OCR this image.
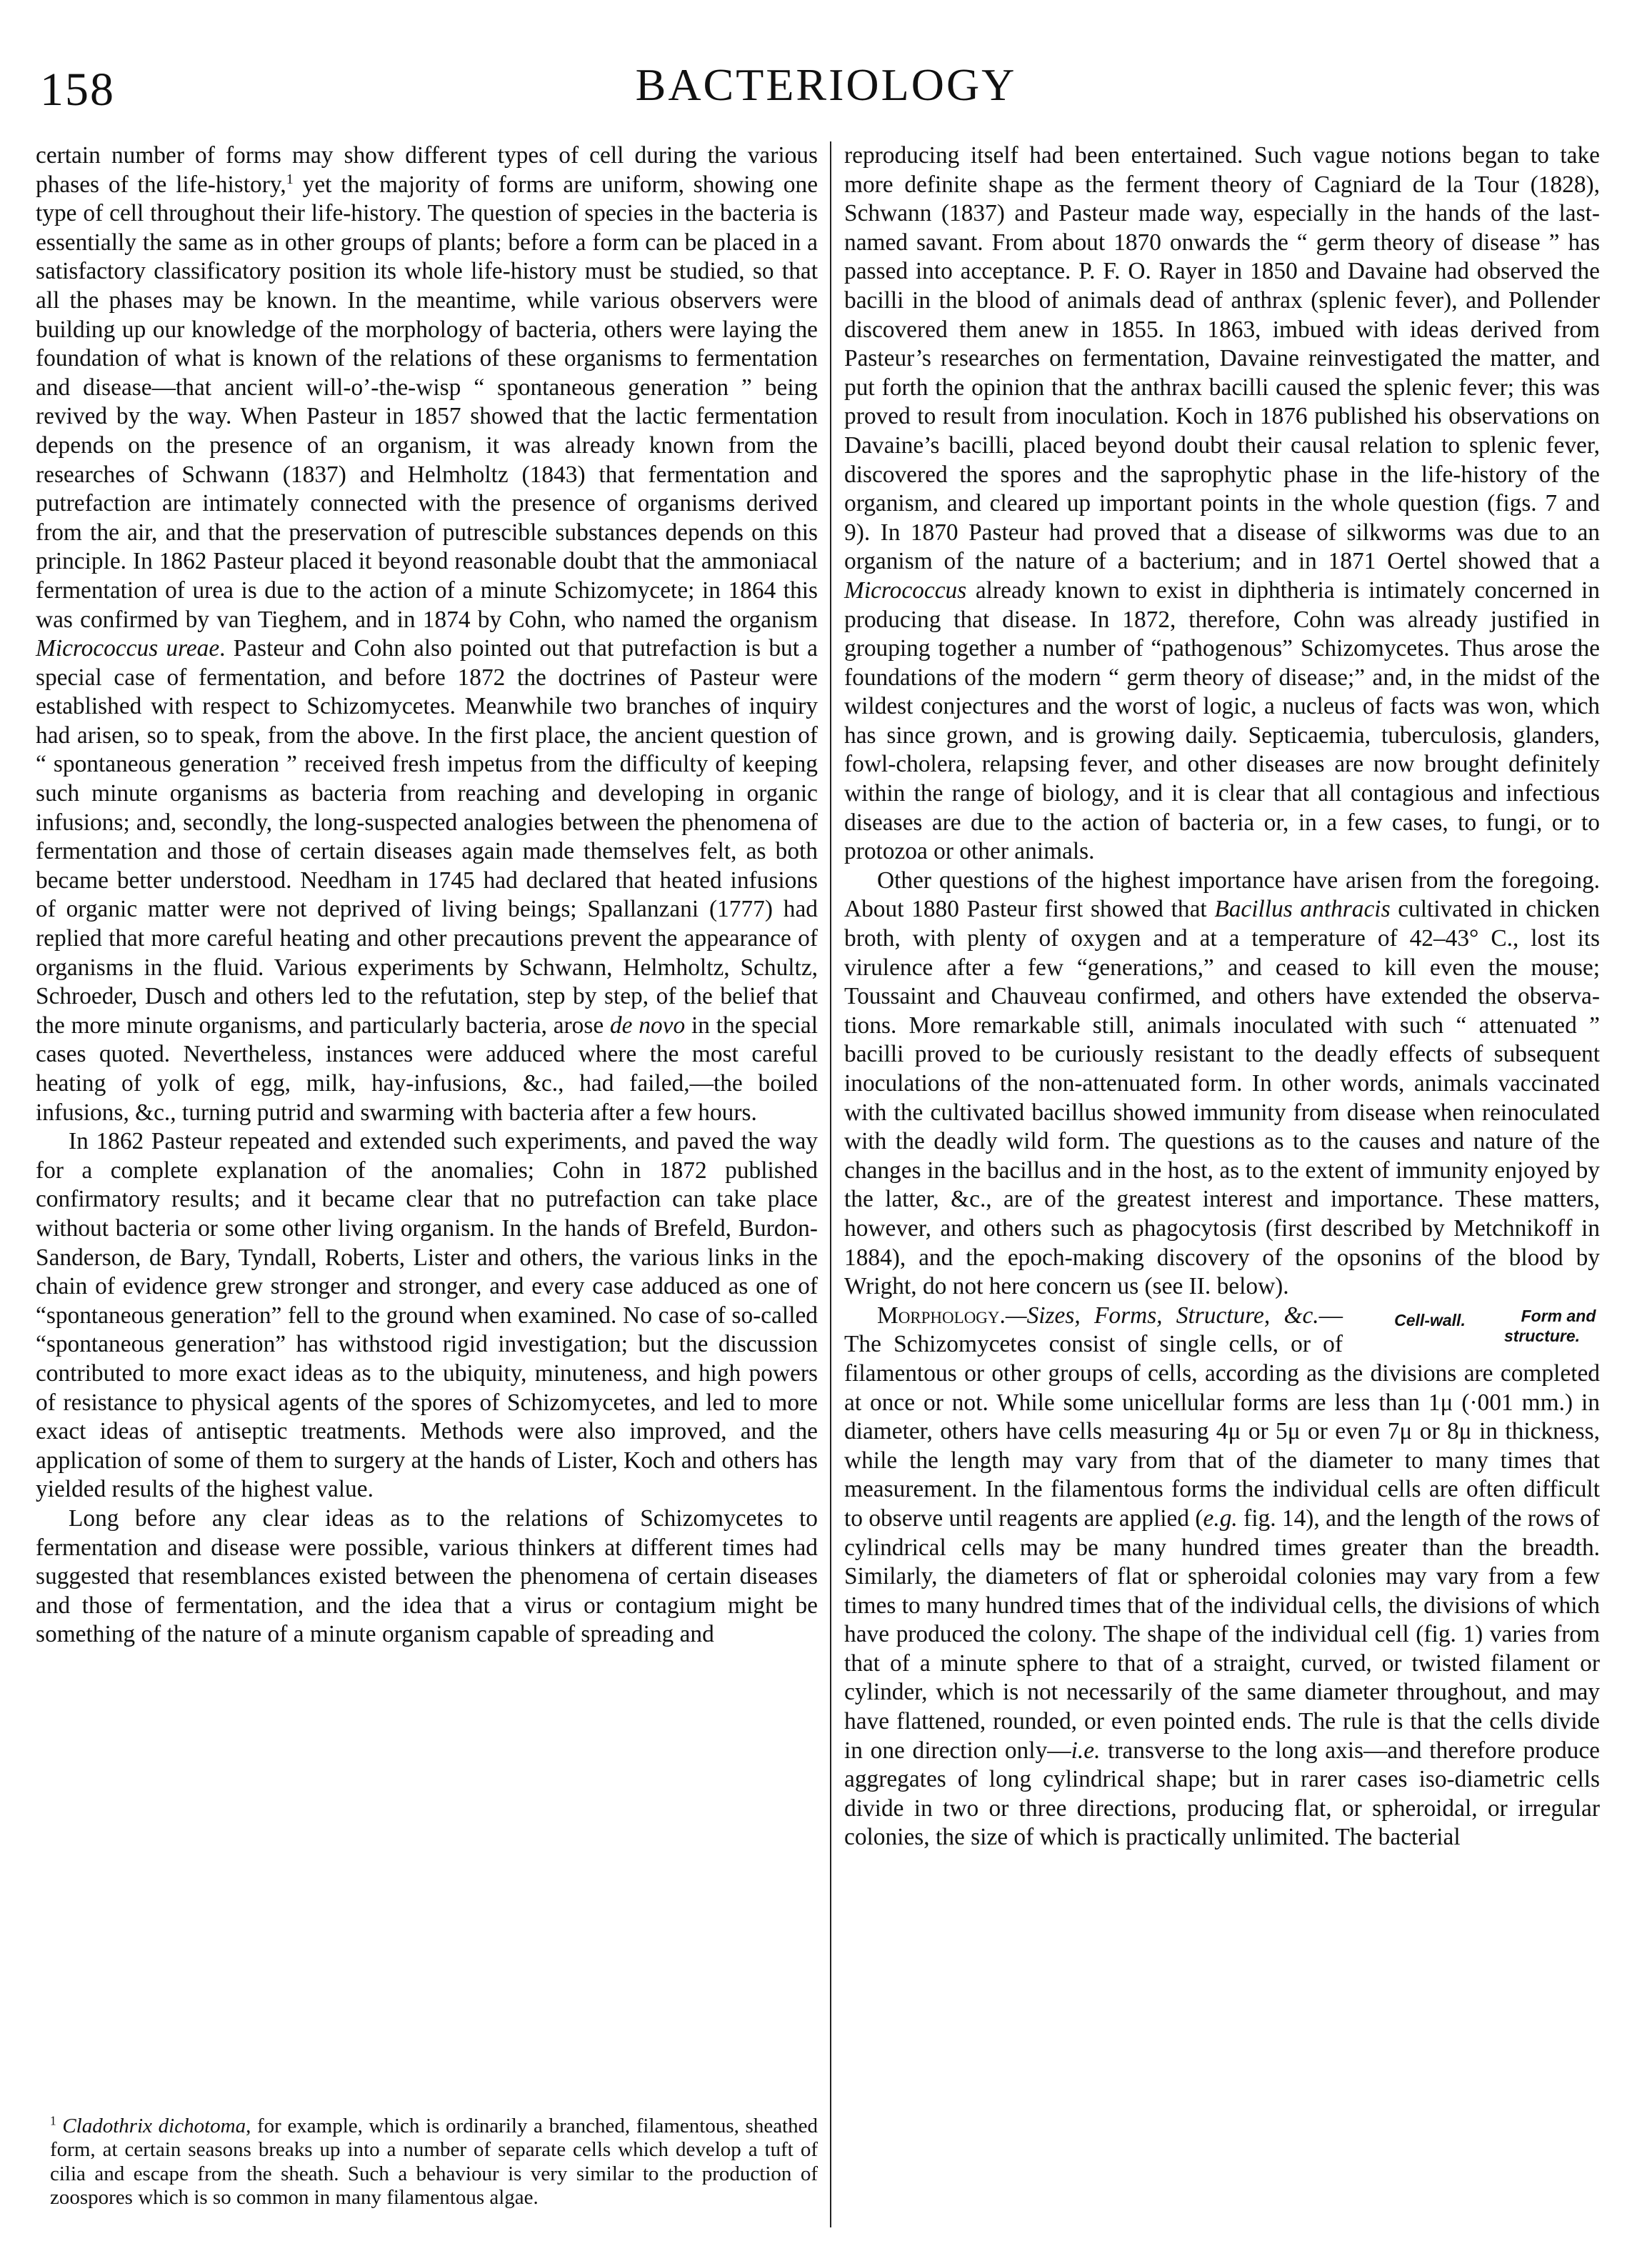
158	BACTERIOLOGY

certain number of forms may show different types of cell during the various phases of the life-history,$^1$ yet the majority of forms are uniform, showing one type of cell throughout their life-history. The question of species in the bacteria is essentially the same as in other groups of plants; before a form can be placed in a satisfactory classificatory position its whole life-history must be studied, so that all the phases may be known. In the meantime, while various observers were building up our knowledge of the morphology of bacteria, others were laying the foundation of what is known of the relations of these organisms to fermentation and disease—that ancient will-o’-the-wisp “ spontaneous generation ” being revived by the way. When Pasteur in 1857 showed that the lactic fermentation depends on the presence of an organism, it was already known from the researches of Schwann (1837) and Helmholtz (1843) that fermentation and putrefaction are intimately connected with the presence of organisms derived from the air, and that the preservation of putrescible substances depends on this principle. In 1862 Pasteur placed it beyond reasonable doubt that the ammoniacal fermentation of urea is due to the action of a minute Schizomycete; in 1864 this was confirmed by van Tieghem, and in 1874 by Cohn, who named the organism Micrococcus ureae. Pasteur and Cohn also pointed out that putrefaction is but a special case of fermentation, and before 1872 the doctrines of Pasteur were established with respect to Schizomycetes. Meanwhile two branches of inquiry had arisen, so to speak, from the above. In the first place, the ancient question of “ spontaneous generation ” received fresh impetus from the difficulty of keeping such minute organisms as bacteria from reaching and developing in organic infusions; and, secondly, the long-suspected analogies between the phenomena of fermentation and those of certain diseases again made themselves felt, as both became better understood. Needham in 1745 had declared that heated infusions of organic matter were not deprived of living beings; Spallanzani (1777) had replied that more careful heating and other precautions prevent the appearance of organisms in the fluid. Various experiments by Schwann, Helmholtz, Schultz, Schroeder, Dusch and others led to the refutation, step by step, of the belief that the more minute organisms, and particularly bacteria, arose de novo in the special cases quoted. Nevertheless, instances were adduced where the most careful heating of yolk of egg, milk, hay-infusions, &c., had failed,—the boiled infusions, &c., turning putrid and swarming with bacteria after a few hours.

In 1862 Pasteur repeated and extended such experiments, and paved the way for a complete explanation of the anomalies; Cohn in 1872 published confirmatory results; and it became clear that no putrefaction can take place without bacteria or some other living organism. In the hands of Brefeld, Burdon-Sanderson, de Bary, Tyndall, Roberts, Lister and others, the various links in the chain of evidence grew stronger and stronger, and every case adduced as one of “spontaneous generation” fell to the ground when examined. No case of so-called “spontaneous generation” has withstood rigid investigation; but the discussion contributed to more exact ideas as to the ubiquity, minuteness, and high powers of resistance to physical agents of the spores of Schizomycetes, and led to more exact ideas of antiseptic treatments. Methods were also improved, and the application of some of them to surgery at the hands of Lister, Koch and others has yielded results of the highest value.

Long before any clear ideas as to the relations of Schizomycetes to fermentation and disease were possible, various thinkers at different times had suggested that resemblances existed between the phenomena of certain diseases and those of fermentation, and the idea that a virus or contagium might be something of the nature of a minute organism capable of spreading and

reproducing itself had been entertained. Such vague notions began to take more definite shape as the ferment theory of Cagniard de la Tour (1828), Schwann (1837) and Pasteur made way, especially in the hands of the last-named savant. From about 1870 onwards the “ germ theory of disease ” has passed into acceptance. P. F. O. Rayer in 1850 and Davaine had observed the bacilli in the blood of animals dead of anthrax (splenic fever), and Pollender discovered them anew in 1855. In 1863, imbued with ideas derived from Pasteur’s researches on fermentation, Davaine reinvestigated the matter, and put forth the opinion that the anthrax bacilli caused the splenic fever; this was proved to result from inoculation. Koch in 1876 published his observations on Davaine’s bacilli, placed beyond doubt their causal relation to splenic fever, discovered the spores and the saprophytic phase in the life-history of the organism, and cleared up important points in the whole question (figs. 7 and 9). In 1870 Pasteur had proved that a disease of silkworms was due to an organism of the nature of a bacterium; and in 1871 Oertel showed that a Micrococcus already known to exist in diphtheria is intimately concerned in producing that disease. In 1872, therefore, Cohn was already justified in grouping together a number of “pathogenous” Schizomycetes. Thus arose the foundations of the modern “ germ theory of disease;” and, in the midst of the wildest conjectures and the worst of logic, a nucleus of facts was won, which has since grown, and is growing daily. Septicaemia, tuberculosis, glanders, fowl-cholera, relapsing fever, and other diseases are now brought definitely within the range of biology, and it is clear that all contagious and infectious diseases are due to the action of bacteria or, in a few cases, to fungi, or to protozoa or other animals.

Other questions of the highest importance have arisen from the foregoing. About 1880 Pasteur first showed that Bacillus anthracis cultivated in chicken broth, with plenty of oxygen and at a temperature of 42–43° C., lost its virulence after a few “generations,” and ceased to kill even the mouse; Toussaint and Chauveau confirmed, and others have extended the observations. More remarkable still, animals inoculated with such “ attenuated ” bacilli proved to be curiously resistant to the deadly effects of subsequent inoculations of the non-attenuated form. In other words, animals vaccinated with the cultivated bacillus showed immunity from disease when reinoculated with the deadly wild form. The questions as to the causes and nature of the changes in the bacillus and in the host, as to the extent of immunity enjoyed by the latter, &c., are of the greatest interest and importance. These matters, however, and others such as phagocytosis (first described by Metchnikoff in 1884), and the epoch-making discovery of the opsonins of the blood by Wright, do not here concern us (see II. below).

Form and structure.
Cell-wall.
Morphology.—Sizes, Forms, Structure, &c.—The Schizomycetes consist of single cells, or of filamentous or other groups of cells, according as the divisions are completed at once or not. While some unicellular forms are less than 1μ (·001 mm.) in diameter, others have cells measuring 4μ or 5μ or even 7μ or 8μ in thickness, while the length may vary from that of the diameter to many times that measurement. In the filamentous forms the individual cells are often difficult to observe until reagents are applied (e.g. fig. 14), and the length of the rows of cylindrical cells may be many hundred times greater than the breadth. Similarly, the diameters of flat or spheroidal colonies may vary from a few times to many hundred times that of the individual cells, the divisions of which have produced the colony. The shape of the individual cell (fig. 1) varies from that of a minute sphere to that of a straight, curved, or twisted filament or cylinder, which is not necessarily of the same diameter throughout, and may have flattened, rounded, or even pointed ends. The rule is that the cells divide in one direction only—i.e. transverse to the long axis—and therefore produce aggregates of long cylindrical shape; but in rarer cases iso-diametric cells divide in two or three directions, producing flat, or spheroidal, or irregular colonies, the size of which is practically unlimited. The bacterial

$^1$ Cladothrix dichotoma, for example, which is ordinarily a branched, filamentous, sheathed form, at certain seasons breaks up into a number of separate cells which develop a tuft of cilia and escape from the sheath. Such a behaviour is very similar to the production of zoospores which is so common in many filamentous algae.
